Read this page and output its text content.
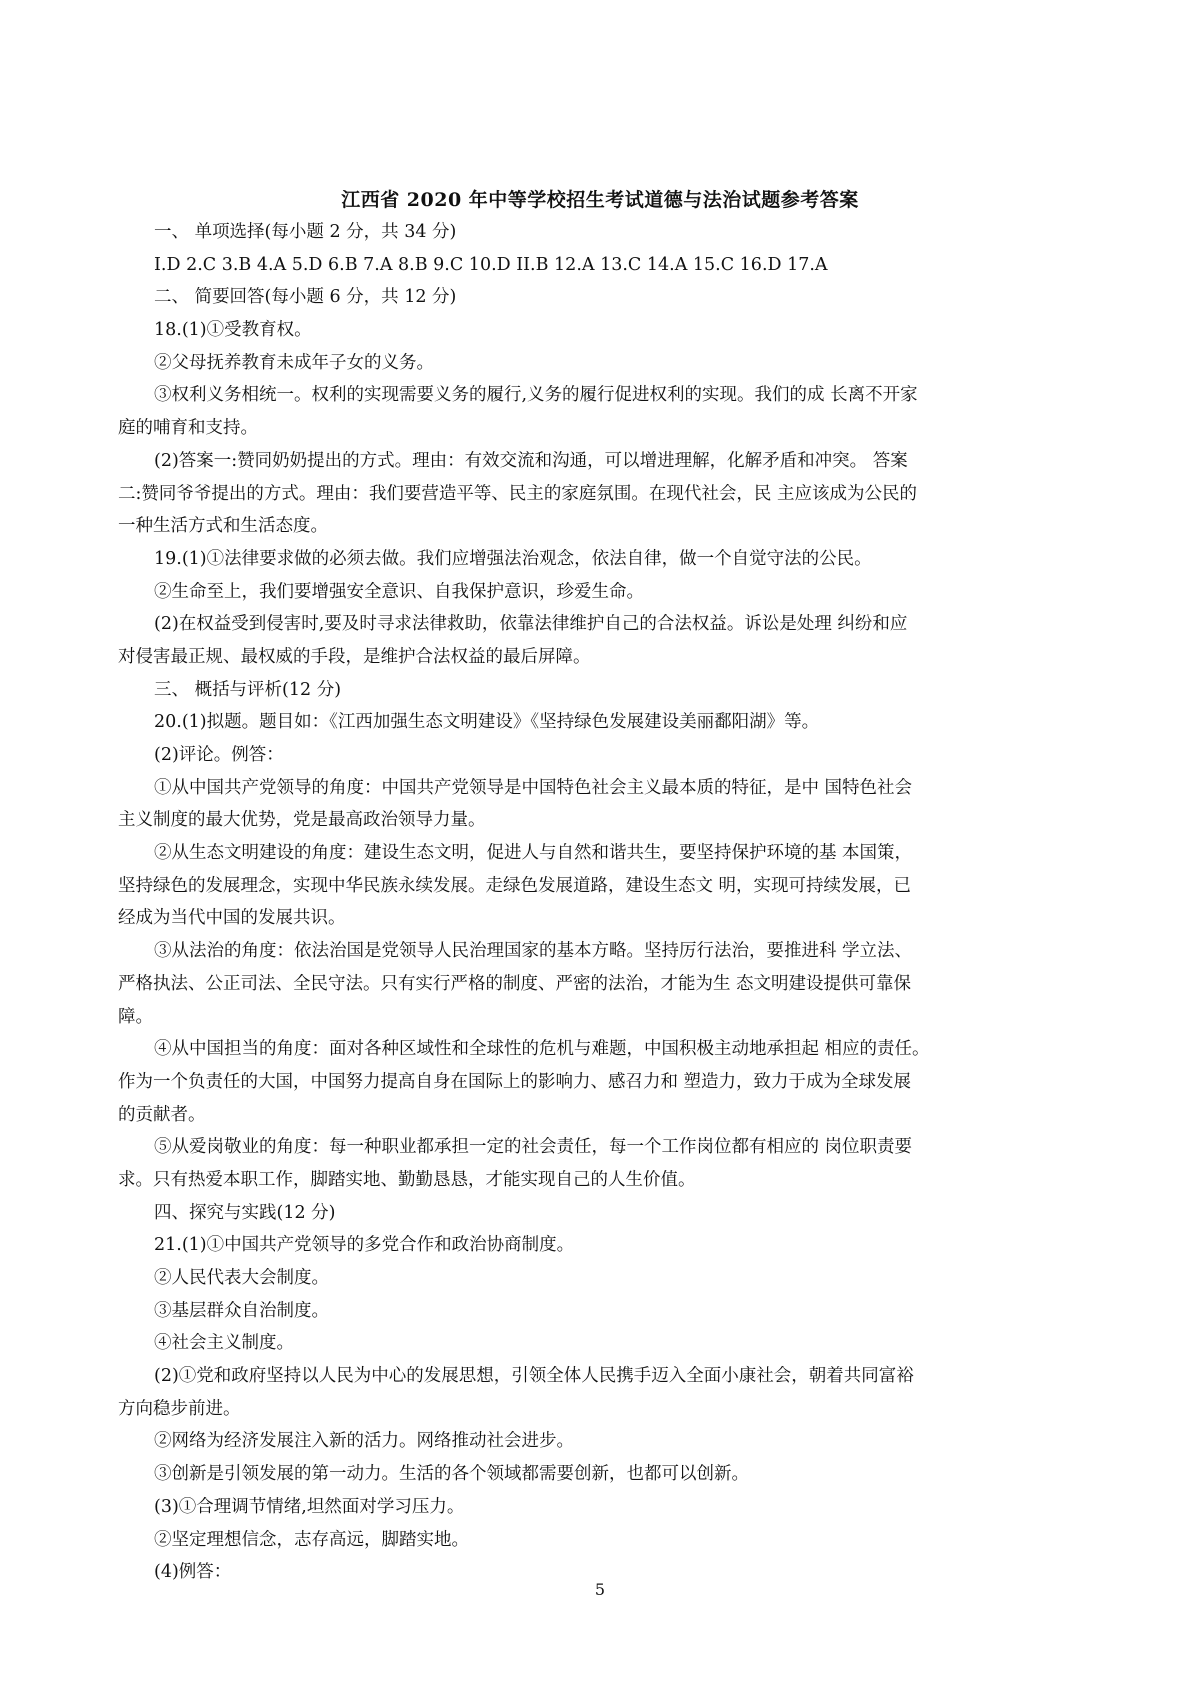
江西省 2020 年中等学校招生考试道德与法治试题参考答案
一、 单项选择(每小题 2 分，共 34 分)
I.D 2.C 3.B 4.A 5.D 6.B 7.A 8.B 9.C 10.D II.B 12.A 13.C 14.A 15.C 16.D 17.A
二、 简要回答(每小题 6 分，共 12 分)
18.(1)①受教育权。
②父母抚养教育未成年子女的义务。
③权利义务相统一。权利的实现需要义务的履行,义务的履行促进权利的实现。我们的成 长离不开家
庭的哺育和支持。
(2)答案一:赞同奶奶提出的方式。理由：有效交流和沟通，可以增进理解，化解矛盾和冲突。 答案
二:赞同爷爷提出的方式。理由：我们要营造平等、民主的家庭氛围。在现代社会，民 主应该成为公民的
一种生活方式和生活态度。
19.(1)①法律要求做的必须去做。我们应增强法治观念，依法自律，做一个自觉守法的公民。
②生命至上，我们要增强安全意识、自我保护意识，珍爱生命。
(2)在权益受到侵害时,要及时寻求法律救助，依靠法律维护自己的合法权益。诉讼是处理 纠纷和应
对侵害最正规、最权威的手段，是维护合法权益的最后屏障。
三、 概括与评析(12 分)
20.(1)拟题。题目如：《江西加强生态文明建设》《坚持绿色发展建设美丽鄱阳湖》等。
(2)评论。例答：
①从中国共产党领导的角度：中国共产党领导是中国特色社会主义最本质的特征，是中 国特色社会
主义制度的最大优势，党是最高政治领导力量。
②从生态文明建设的角度：建设生态文明，促进人与自然和谐共生，要坚持保护环境的基 本国策，
坚持绿色的发展理念，实现中华民族永续发展。走绿色发展道路，建设生态文 明，实现可持续发展，已
经成为当代中国的发展共识。
③从法治的角度：依法治国是党领导人民治理国家的基本方略。坚持厉行法治，要推进科 学立法、
严格执法、公正司法、全民守法。只有实行严格的制度、严密的法治，才能为生 态文明建设提供可靠保
障。
④从中国担当的角度：面对各种区域性和全球性的危机与难题，中国积极主动地承担起 相应的责任。
作为一个负责任的大国，中国努力提高自身在国际上的影响力、感召力和 塑造力，致力于成为全球发展
的贡献者。
⑤从爱岗敬业的角度：每一种职业都承担一定的社会责任，每一个工作岗位都有相应的 岗位职责要
求。只有热爱本职工作，脚踏实地、勤勤恳恳，才能实现自己的人生价值。
四、探究与实践(12 分)
21.(1)①中国共产党领导的多党合作和政治协商制度。
②人民代表大会制度。
③基层群众自治制度。
④社会主义制度。
(2)①党和政府坚持以人民为中心的发展思想，引领全体人民携手迈入全面小康社会，朝着共同富裕
方向稳步前进。
②网络为经济发展注入新的活力。网络推动社会进步。
③创新是引领发展的第一动力。生活的各个领域都需要创新，也都可以创新。
(3)①合理调节情绪,坦然面对学习压力。
②坚定理想信念，志存高远，脚踏实地。
(4)例答：
5
